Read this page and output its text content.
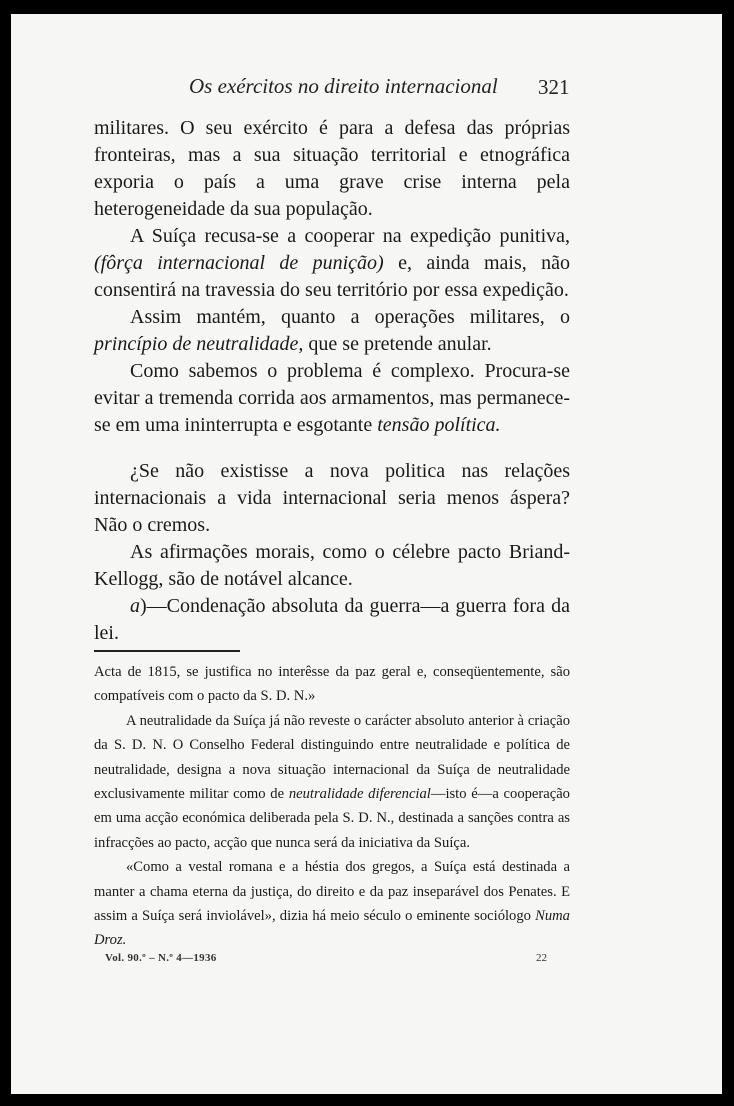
Os exércitos no direito internacional 321

militares. O seu exército é para a defesa das próprias fronteiras, mas a sua situação territorial e etnográfica exporia o país a uma grave crise interna pela heterogeneidade da sua população.

A Suíça recusa-se a cooperar na expedição punitiva, (fôrça internacional de punição) e, ainda mais, não consentirá na travessia do seu território por essa expedição.

Assim mantém, quanto a operações militares, o princípio de neutralidade, que se pretende anular.

Como sabemos o problema é complexo. Procura-se evitar a tremenda corrida aos armamentos, mas permanece-se em uma ininterrupta e esgotante tensão política.

¿Se não existisse a nova politica nas relações internacionais a vida internacional seria menos áspera? Não o cremos.

As afirmações morais, como o célebre pacto Briand-Kellogg, são de notável alcance.

a)—Condenação absoluta da guerra—a guerra fora da lei.

Acta de 1815, se justifica no interêsse da paz geral e, conseqüentemente, são compatíveis com o pacto da S. D. N.»

A neutralidade da Suíça já não reveste o carácter absoluto anterior à criação da S. D. N. O Conselho Federal distinguindo entre neutralidade e política de neutralidade, designa a nova situação internacional da Suíça de neutralidade exclusivamente militar como de neutralidade diferencial—isto é—a cooperação em uma acção económica deliberada pela S. D. N., destinada a sanções contra as infracções ao pacto, acção que nunca será da iniciativa da Suíça.

«Como a vestal romana e a héstia dos gregos, a Suíça está destinada a manter a chama eterna da justiça, do direito e da paz inseparável dos Penates. E assim a Suíça será inviolável», dizia há meio século o eminente sociólogo Numa Droz.

Vol. 90.º – N.º 4—1936	22
